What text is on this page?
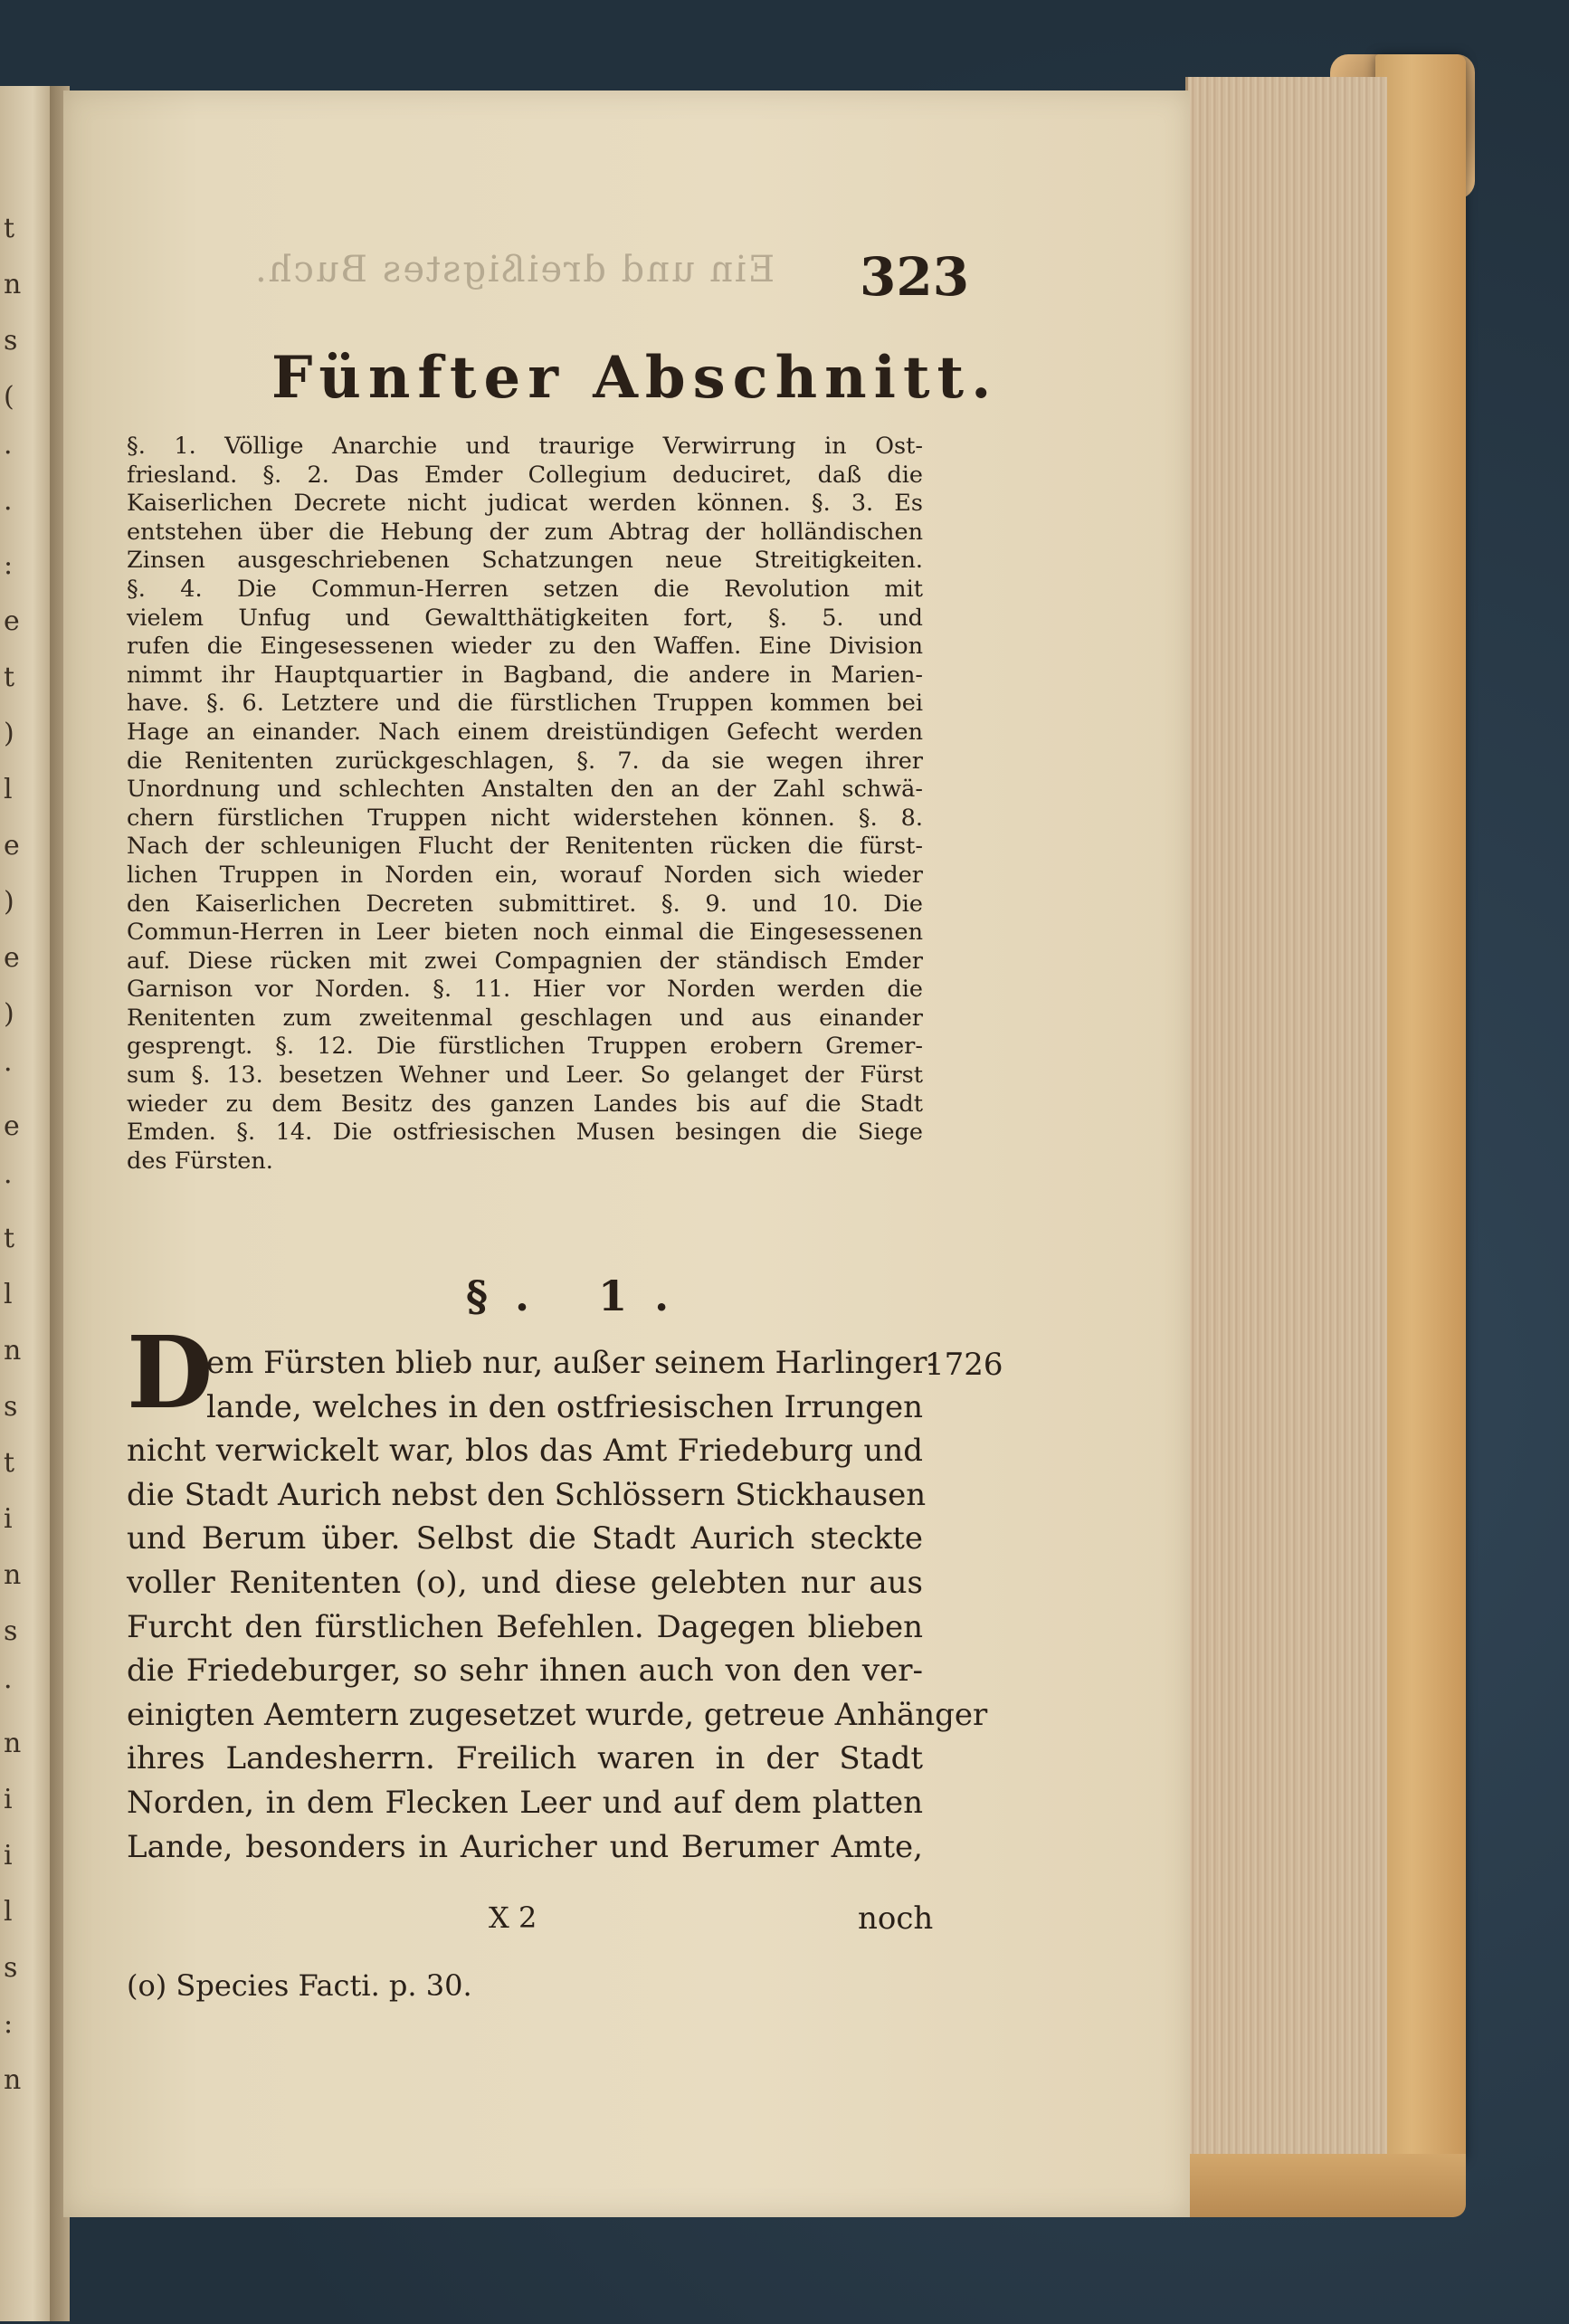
t
n
s
(
·
·
:
e
t
)
l
e
)
e
)
·
e
·
t
l
n
s
t
i
n
s
·
n
i
i
l
s
:
n
Ein und dreißigstes Buch.	323
Fünfter Abschnitt.
§. 1. Völlige Anarchie und traurige Verwirrung in Ost-
friesland. §. 2. Das Emder Collegium deduciret, daß die
Kaiserlichen Decrete nicht judicat werden können. §. 3. Es
entstehen über die Hebung der zum Abtrag der holländischen
Zinsen ausgeschriebenen Schatzungen neue Streitigkeiten.
§. 4. Die Commun-Herren setzen die Revolution mit
vielem Unfug und Gewaltthätigkeiten fort, §. 5. und
rufen die Eingesessenen wieder zu den Waffen. Eine Division
nimmt ihr Hauptquartier in Bagband, die andere in Marien-
have. §. 6. Letztere und die fürstlichen Truppen kommen bei
Hage an einander. Nach einem dreistündigen Gefecht werden
die Renitenten zurückgeschlagen, §. 7. da sie wegen ihrer
Unordnung und schlechten Anstalten den an der Zahl schwä-
chern fürstlichen Truppen nicht widerstehen können. §. 8.
Nach der schleunigen Flucht der Renitenten rücken die fürst-
lichen Truppen in Norden ein, worauf Norden sich wieder
den Kaiserlichen Decreten submittiret. §. 9. und 10. Die
Commun-Herren in Leer bieten noch einmal die Eingesessenen
auf. Diese rücken mit zwei Compagnien der ständisch Emder
Garnison vor Norden. §. 11. Hier vor Norden werden die
Renitenten zum zweitenmal geschlagen und aus einander
gesprengt. §. 12. Die fürstlichen Truppen erobern Gremer-
sum §. 13. besetzen Wehner und Leer. So gelanget der Fürst
wieder zu dem Besitz des ganzen Landes bis auf die Stadt
Emden. §. 14. Die ostfriesischen Musen besingen die Siege
des Fürsten.
§. 1.
D	1726
em Fürsten blieb nur, außer seinem Harlinger-
lande, welches in den ostfriesischen Irrungen
nicht verwickelt war, blos das Amt Friedeburg und
die Stadt Aurich nebst den Schlössern Stickhausen
und Berum über. Selbst die Stadt Aurich steckte
voller Renitenten (o), und diese gelebten nur aus
Furcht den fürstlichen Befehlen. Dagegen blieben
die Friedeburger, so sehr ihnen auch von den ver-
einigten Aemtern zugesetzet wurde, getreue Anhänger
ihres Landesherrn. Freilich waren in der Stadt
Norden, in dem Flecken Leer und auf dem platten
Lande, besonders in Auricher und Berumer Amte,
X 2	noch
(o) Species Facti. p. 30.
